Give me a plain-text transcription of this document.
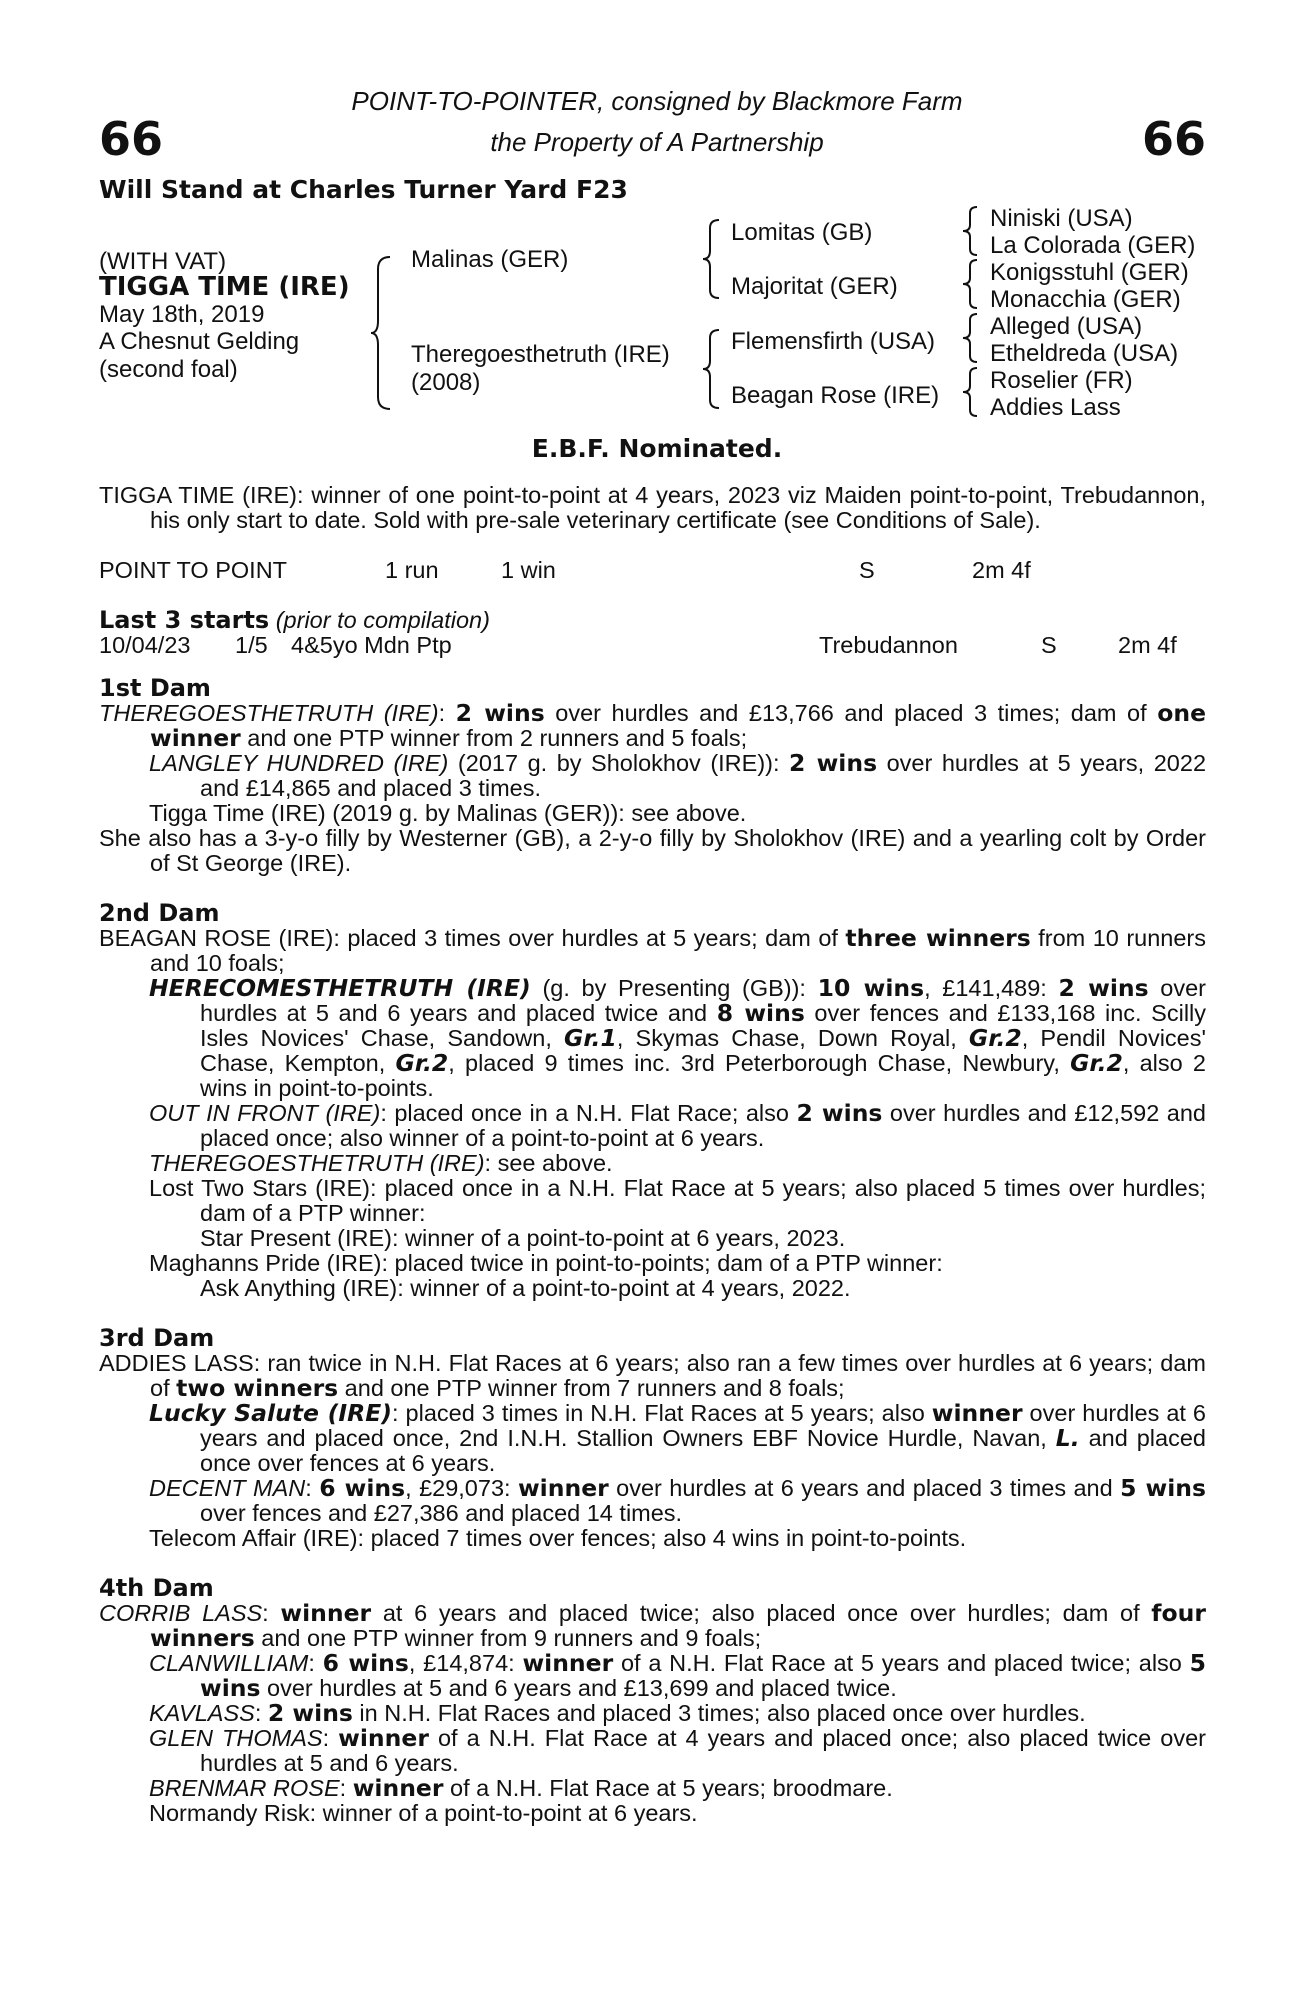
66	66
POINT-TO-POINTER, consigned by Blackmore Farm
the Property of A Partnership
Will Stand at Charles Turner Yard F23
(WITH VAT)
TIGGA TIME (IRE)
May 18th, 2019
A Chesnut Gelding
(second foal)
Malinas (GER)
Theregoesthetruth (IRE)
(2008)
Lomitas (GB)
Majoritat (GER)
Flemensfirth (USA)
Beagan Rose (IRE)
Niniski (USA)
La Colorada (GER)
Konigsstuhl (GER)
Monacchia (GER)
Alleged (USA)
Etheldreda (USA)
Roselier (FR)
Addies Lass
E.B.F. Nominated.

TIGGA TIME (IRE): winner of one point-to-point at 4 years, 2023 viz Maiden point-to-point, Trebudannon, his only start to date. Sold with pre-sale veterinary certificate (see Conditions of Sale).

POINT TO POINT	1 run	1 win	S	2m 4f

Last 3 starts (prior to compilation)

10/04/23 1/5 4&5yo Mdn Ptp	Trebudannon	S	2m 4f

1st Dam

THEREGOESTHETRUTH (IRE): 2 wins over hurdles and £13,766 and placed 3 times; dam of one winner and one PTP winner from 2 runners and 5 foals;

LANGLEY HUNDRED (IRE) (2017 g. by Sholokhov (IRE)): 2 wins over hurdles at 5 years, 2022 and £14,865 and placed 3 times.

Tigga Time (IRE) (2019 g. by Malinas (GER)): see above.

She also has a 3-y-o filly by Westerner (GB), a 2-y-o filly by Sholokhov (IRE) and a yearling colt by Order of St George (IRE).

2nd Dam

BEAGAN ROSE (IRE): placed 3 times over hurdles at 5 years; dam of three winners from 10 runners and 10 foals;

HERECOMESTHETRUTH (IRE) (g. by Presenting (GB)): 10 wins, £141,489: 2 wins over hurdles at 5 and 6 years and placed twice and 8 wins over fences and £133,168 inc. Scilly Isles Novices' Chase, Sandown, Gr.1, Skymas Chase, Down Royal, Gr.2, Pendil Novices' Chase, Kempton, Gr.2, placed 9 times inc. 3rd Peterborough Chase, Newbury, Gr.2, also 2 wins in point-to-points.

OUT IN FRONT (IRE): placed once in a N.H. Flat Race; also 2 wins over hurdles and £12,592 and placed once; also winner of a point-to-point at 6 years.

THEREGOESTHETRUTH (IRE): see above.

Lost Two Stars (IRE): placed once in a N.H. Flat Race at 5 years; also placed 5 times over hurdles; dam of a PTP winner:

Star Present (IRE): winner of a point-to-point at 6 years, 2023.

Maghanns Pride (IRE): placed twice in point-to-points; dam of a PTP winner:

Ask Anything (IRE): winner of a point-to-point at 4 years, 2022.

3rd Dam

ADDIES LASS: ran twice in N.H. Flat Races at 6 years; also ran a few times over hurdles at 6 years; dam of two winners and one PTP winner from 7 runners and 8 foals;

Lucky Salute (IRE): placed 3 times in N.H. Flat Races at 5 years; also winner over hurdles at 6 years and placed once, 2nd I.N.H. Stallion Owners EBF Novice Hurdle, Navan, L. and placed once over fences at 6 years.

DECENT MAN: 6 wins, £29,073: winner over hurdles at 6 years and placed 3 times and 5 wins over fences and £27,386 and placed 14 times.

Telecom Affair (IRE): placed 7 times over fences; also 4 wins in point-to-points.

4th Dam

CORRIB LASS: winner at 6 years and placed twice; also placed once over hurdles; dam of four winners and one PTP winner from 9 runners and 9 foals;

CLANWILLIAM: 6 wins, £14,874: winner of a N.H. Flat Race at 5 years and placed twice; also 5 wins over hurdles at 5 and 6 years and £13,699 and placed twice.

KAVLASS: 2 wins in N.H. Flat Races and placed 3 times; also placed once over hurdles.

GLEN THOMAS: winner of a N.H. Flat Race at 4 years and placed once; also placed twice over hurdles at 5 and 6 years.

BRENMAR ROSE: winner of a N.H. Flat Race at 5 years; broodmare.

Normandy Risk: winner of a point-to-point at 6 years.
